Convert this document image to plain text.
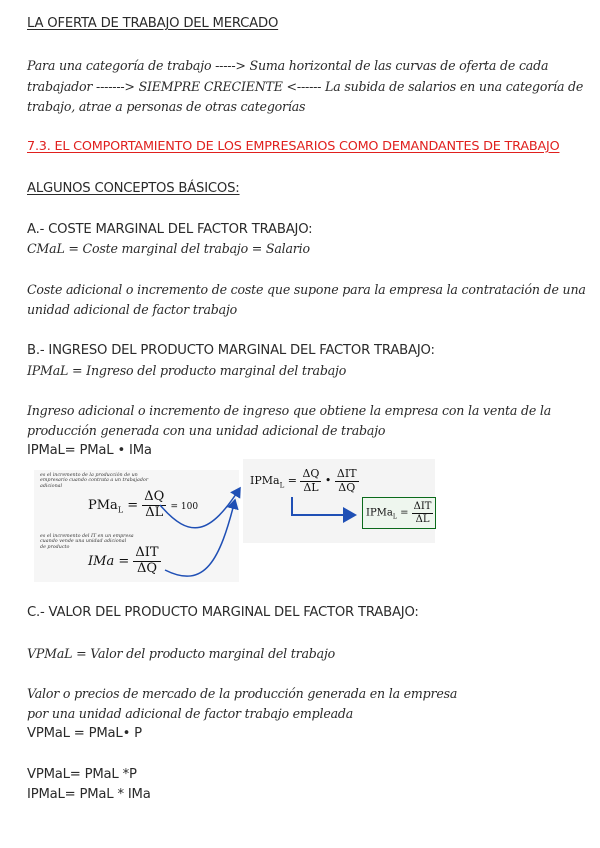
LA OFERTA DE TRABAJO DEL MERCADO
Para una categoría de trabajo -----> Suma horizontal de las curvas de oferta de cada
trabajador -------> SIEMPRE CRECIENTE <------ La subida de salarios en una categoría de
trabajo, atrae a personas de otras categorías
7.3. EL COMPORTAMIENTO DE LOS EMPRESARIOS COMO DEMANDANTES DE TRABAJO
ALGUNOS CONCEPTOS BÁSICOS:
A.- COSTE MARGINAL DEL FACTOR TRABAJO:
CMaL = Coste marginal del trabajo = Salario
Coste adicional o incremento de coste que supone para la empresa la contratación de una
unidad adicional de factor trabajo
B.- INGRESO DEL PRODUCTO MARGINAL DEL FACTOR TRABAJO:
IPMaL = Ingreso del producto marginal del trabajo
Ingreso adicional o incremento de ingreso que obtiene la empresa con la venta de la
producción generada con una unidad adicional de trabajo
IPMaL= PMaL • IMa
es el incremento de la producción de un
empresario cuando contrata a un trabajador
adicional
$PMa_L = \frac{\Delta Q}{\Delta L} = 100$
es el incremento del IT en un empresa
cuando vende una unidad adicional
de producto
IMa = $\frac{\text{ΔIT}}{\Delta Q}$
IPMa$_L$ = $\frac{\Delta Q}{\Delta L}$ • $\frac{\text{ΔIT}}{\Delta Q}$
IPMa$_L$ = $\frac{\text{ΔIT}}{\Delta L}$
C.- VALOR DEL PRODUCTO MARGINAL DEL FACTOR TRABAJO:
VPMaL = Valor del producto marginal del trabajo
Valor o precios de mercado de la producción generada en la empresa
por una unidad adicional de factor trabajo empleada
VPMaL = PMaL• P
VPMaL= PMaL *P
IPMaL= PMaL * IMa
